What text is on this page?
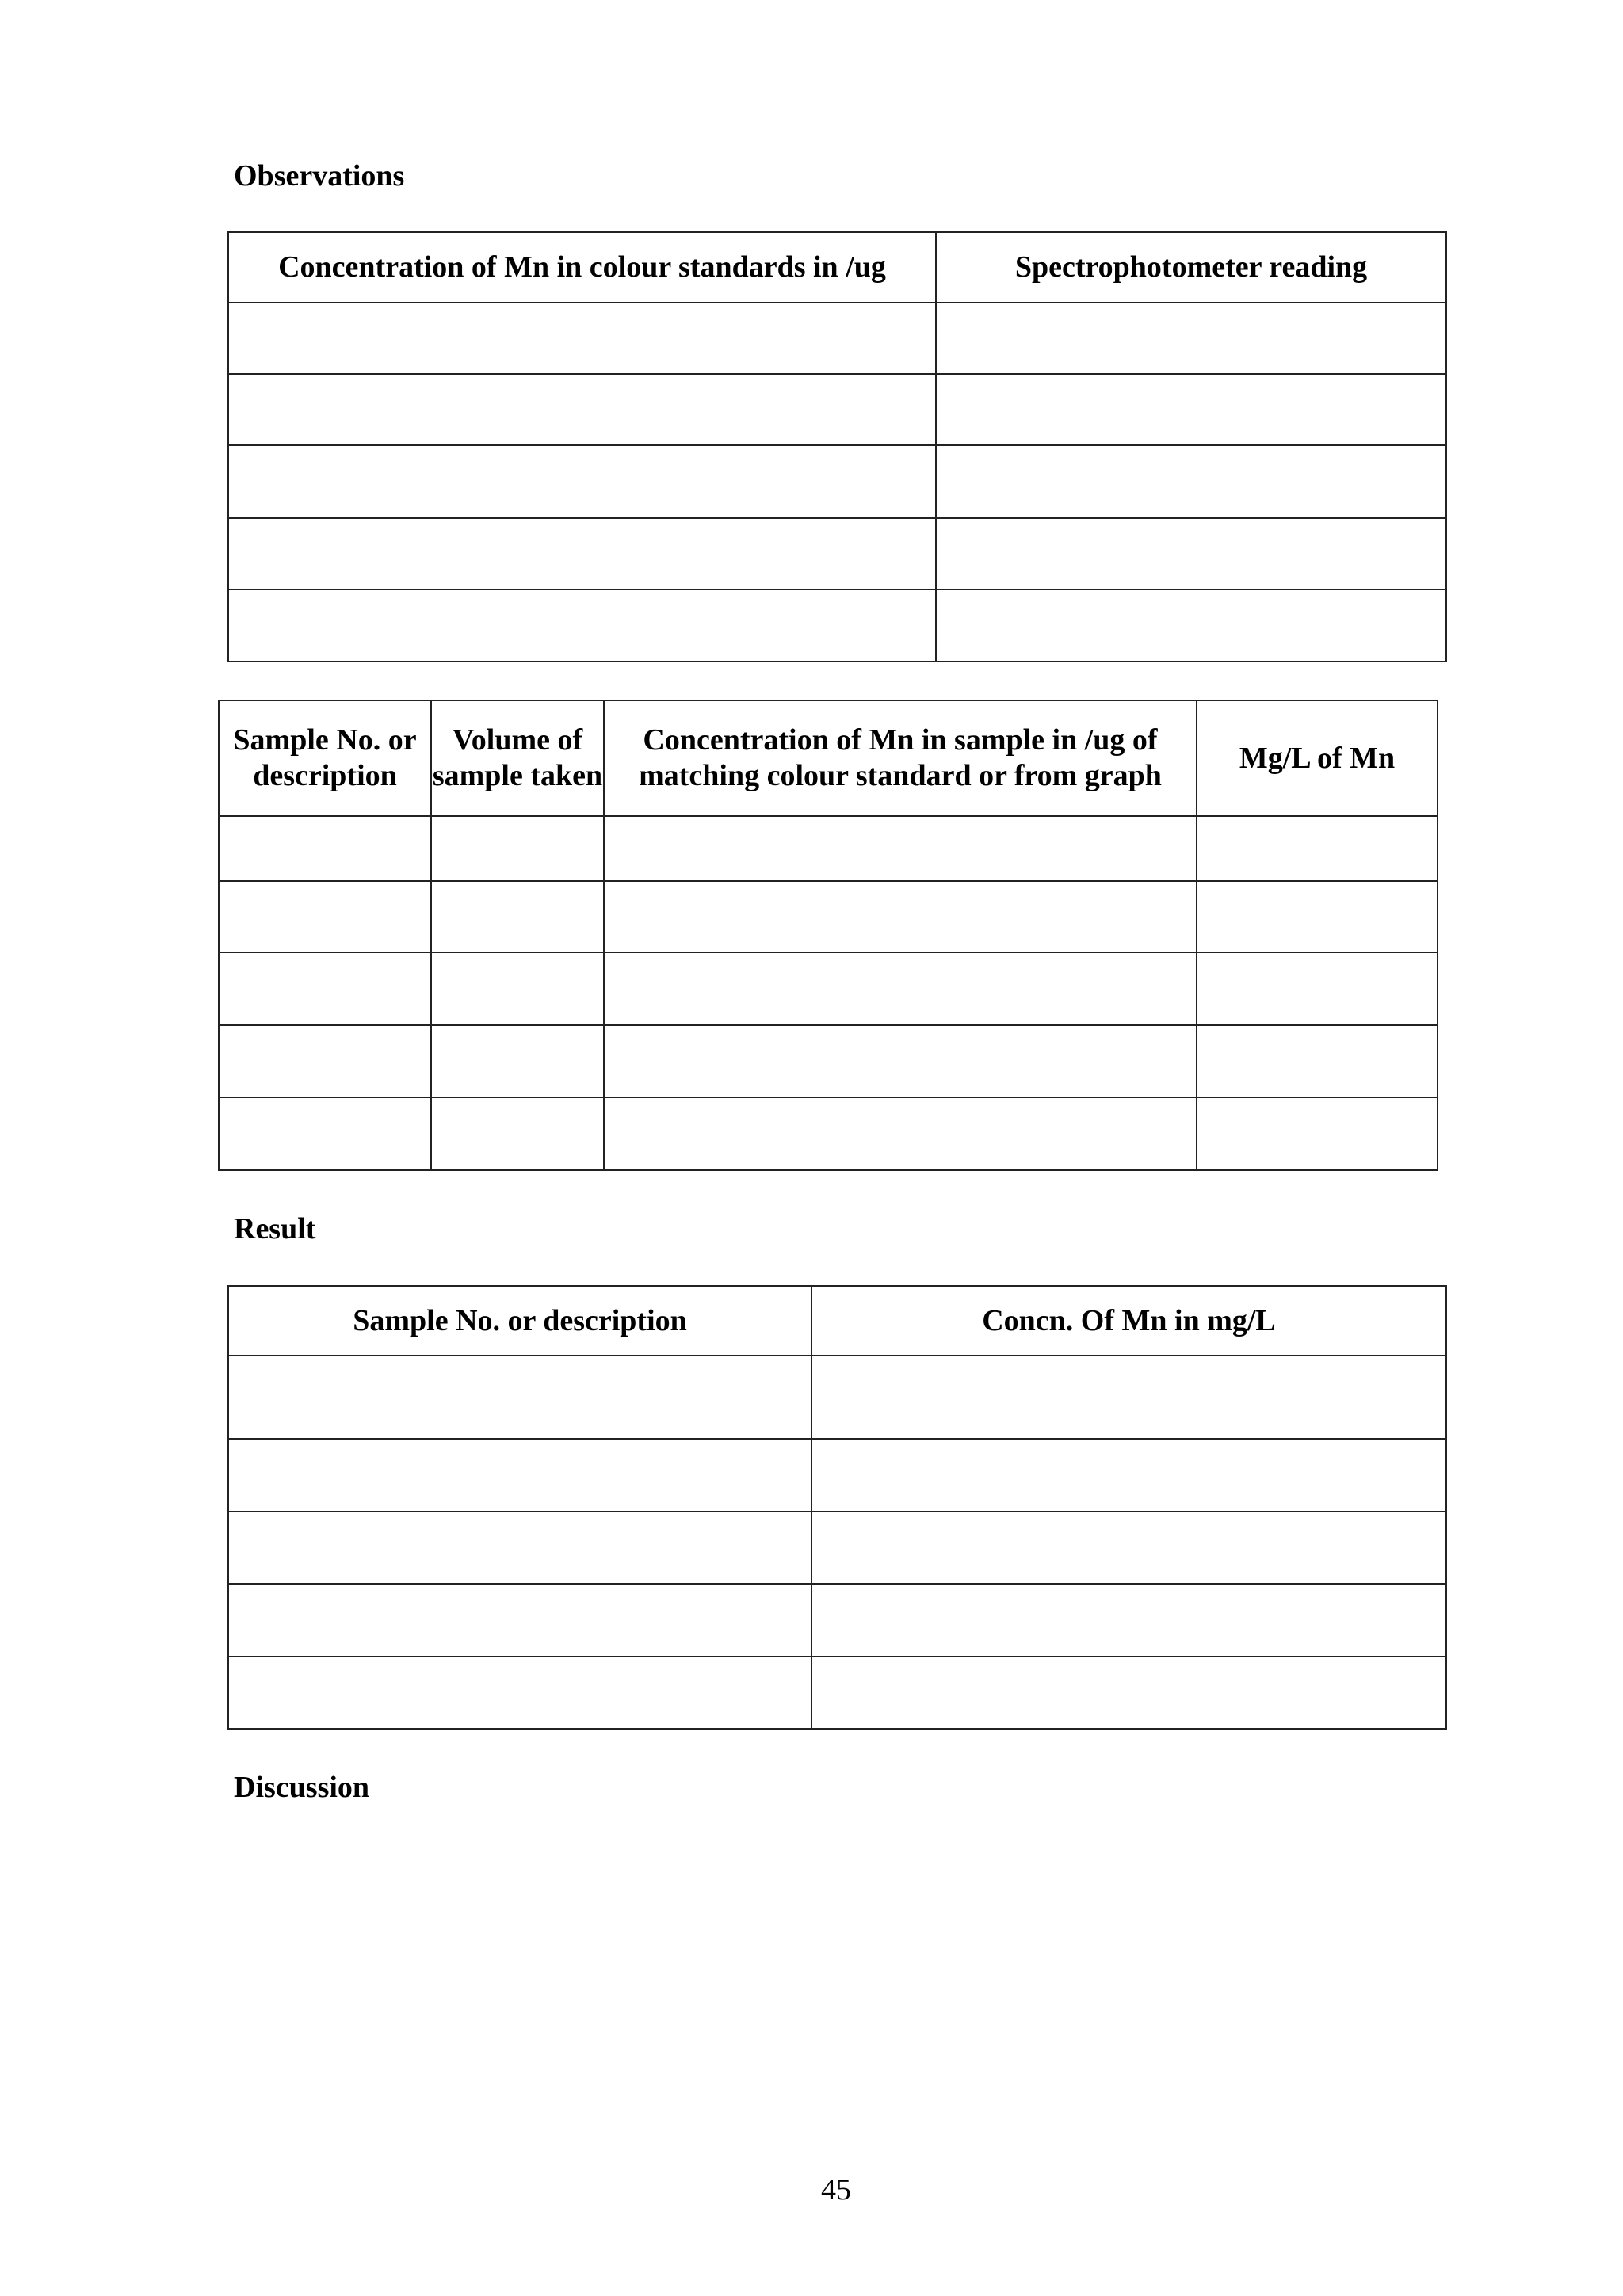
Observations
Concentration of Mn in colour standards in /ug	Spectrophotometer reading

Sample No. or description	Volume of sample taken	Concentration of Mn in sample in /ug of matching colour standard or from graph	Mg/L of Mn

Result
Sample No. or description	Concn. Of Mn in mg/L

Discussion
45
